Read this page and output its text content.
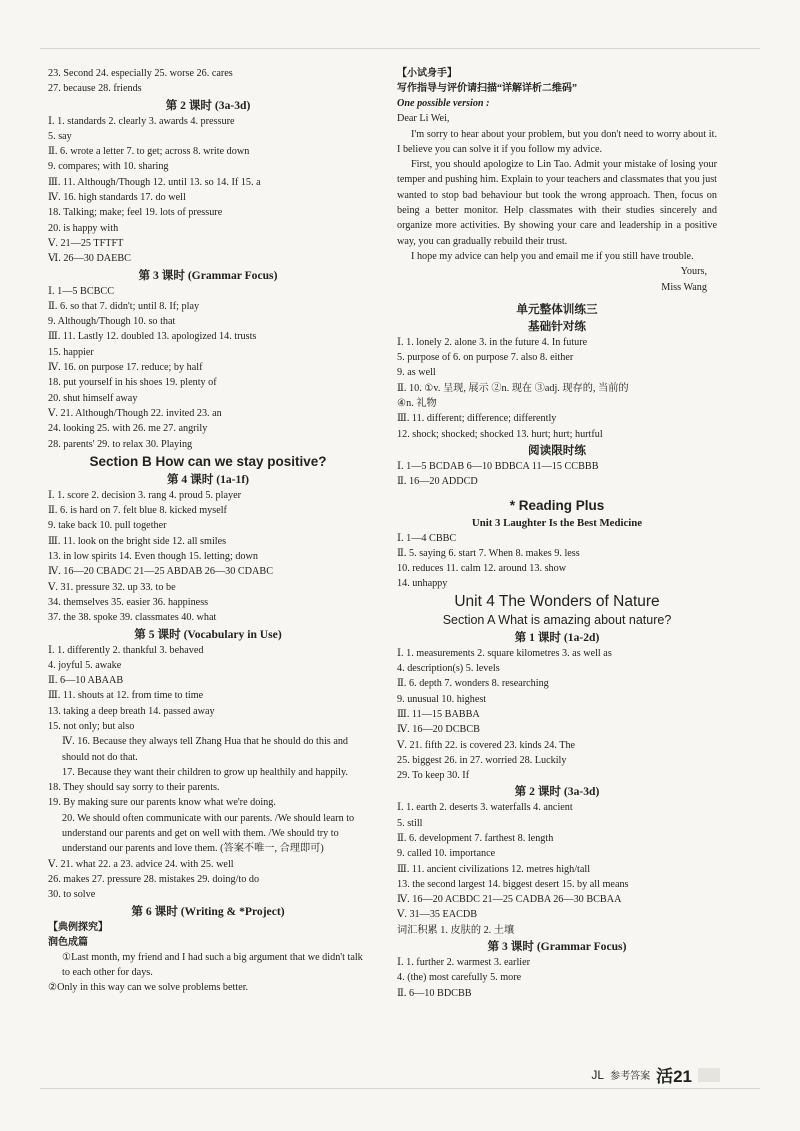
23. Second 24. especially 25. worse 26. cares
27. because 28. friends
第 2 课时 (3a-3d)
Ⅰ. 1. standards 2. clearly 3. awards 4. pressure
5. say
Ⅱ. 6. wrote a letter 7. to get; across 8. write down
9. compares; with 10. sharing
Ⅲ. 11. Although/Though 12. until 13. so 14. If 15. a
Ⅳ. 16. high standards 17. do well
18. Talking; make; feel 19. lots of pressure
20. is happy with
Ⅴ. 21—25 TFTFT
Ⅵ. 26—30 DAEBC
第 3 课时 (Grammar Focus)
Ⅰ. 1—5 BCBCC
Ⅱ. 6. so that 7. didn't; until 8. If; play
9. Although/Though 10. so that
Ⅲ. 11. Lastly 12. doubled 13. apologized 14. trusts
15. happier
Ⅳ. 16. on purpose 17. reduce; by half
18. put yourself in his shoes 19. plenty of
20. shut himself away
Ⅴ. 21. Although/Though 22. invited 23. an
24. looking 25. with 26. me 27. angrily
28. parents' 29. to relax 30. Playing
Section B How can we stay positive?
第 4 课时 (1a-1f)
Ⅰ. 1. score 2. decision 3. rang 4. proud 5. player
Ⅱ. 6. is hard on 7. felt blue 8. kicked myself
9. take back 10. pull together
Ⅲ. 11. look on the bright side 12. all smiles
13. in low spirits 14. Even though 15. letting; down
Ⅳ. 16—20 CBADC 21—25 ABDAB 26—30 CDABC
Ⅴ. 31. pressure 32. up 33. to be
34. themselves 35. easier 36. happiness
37. the 38. spoke 39. classmates 40. what
第 5 课时 (Vocabulary in Use)
Ⅰ. 1. differently 2. thankful 3. behaved
4. joyful 5. awake
Ⅱ. 6—10 ABAAB
Ⅲ. 11. shouts at 12. from time to time
13. taking a deep breath 14. passed away
15. not only; but also
Ⅳ. 16. Because they always tell Zhang Hua that he should do this and should not do that.
17. Because they want their children to grow up healthily and happily.
18. They should say sorry to their parents.
19. By making sure our parents know what we're doing.
20. We should often communicate with our parents. /We should learn to understand our parents and get on well with them. /We should try to understand our parents and love them. (答案不唯一, 合理即可)
Ⅴ. 21. what 22. a 23. advice 24. with 25. well
26. makes 27. pressure 28. mistakes 29. doing/to do
30. to solve
第 6 课时 (Writing & *Project)
【典例探究】
润色成篇
①Last month, my friend and I had such a big argument that we didn't talk to each other for days.
②Only in this way can we solve problems better.
【小试身手】
写作指导与评价请扫描“详解详析二维码”
One possible version :
Dear Li Wei,
I'm sorry to hear about your problem, but you don't need to worry about it. I believe you can solve it if you follow my advice.
First, you should apologize to Lin Tao. Admit your mistake of losing your temper and pushing him. Explain to your teachers and classmates that you just wanted to stop bad behaviour but took the wrong approach. Then, focus on being a better monitor. Help classmates with their studies sincerely and organize more activities. By showing your care and leadership in a positive way, you can gradually rebuild their trust.
I hope my advice can help you and email me if you still have trouble.
Yours,
Miss Wang
单元整体训练三
基础针对练
Ⅰ. 1. lonely 2. alone 3. in the future 4. In future
5. purpose of 6. on purpose 7. also 8. either
9. as well
Ⅱ. 10. ①v. 呈现, 展示 ②n. 现在 ③adj. 现存的, 当前的
④n. 礼物
Ⅲ. 11. different; difference; differently
12. shock; shocked; shocked 13. hurt; hurt; hurtful
阅读限时练
Ⅰ. 1—5 BCDAB 6—10 BDBCA 11—15 CCBBB
Ⅱ. 16—20 ADDCD
* Reading Plus
Unit 3 Laughter Is the Best Medicine
Ⅰ. 1—4 CBBC
Ⅱ. 5. saying 6. start 7. When 8. makes 9. less
10. reduces 11. calm 12. around 13. show
14. unhappy
Unit 4 The Wonders of Nature
Section A What is amazing about nature?
第 1 课时 (1a-2d)
Ⅰ. 1. measurements 2. square kilometres 3. as well as
4. description(s) 5. levels
Ⅱ. 6. depth 7. wonders 8. researching
9. unusual 10. highest
Ⅲ. 11—15 BABBA
Ⅳ. 16—20 DCBCB
Ⅴ. 21. fifth 22. is covered 23. kinds 24. The
25. biggest 26. in 27. worried 28. Luckily
29. To keep 30. If
第 2 课时 (3a-3d)
Ⅰ. 1. earth 2. deserts 3. waterfalls 4. ancient
5. still
Ⅱ. 6. development 7. farthest 8. length
9. called 10. importance
Ⅲ. 11. ancient civilizations 12. metres high/tall
13. the second largest 14. biggest desert 15. by all means
Ⅳ. 16—20 ACBDC 21—25 CADBA 26—30 BCBAA
Ⅴ. 31—35 EACDB
词汇积累 1. 皮肤的 2. 土壤
第 3 课时 (Grammar Focus)
Ⅰ. 1. further 2. warmest 3. earlier
4. (the) most carefully 5. more
Ⅱ. 6—10 BDCBB
JL 参考答案 活21
